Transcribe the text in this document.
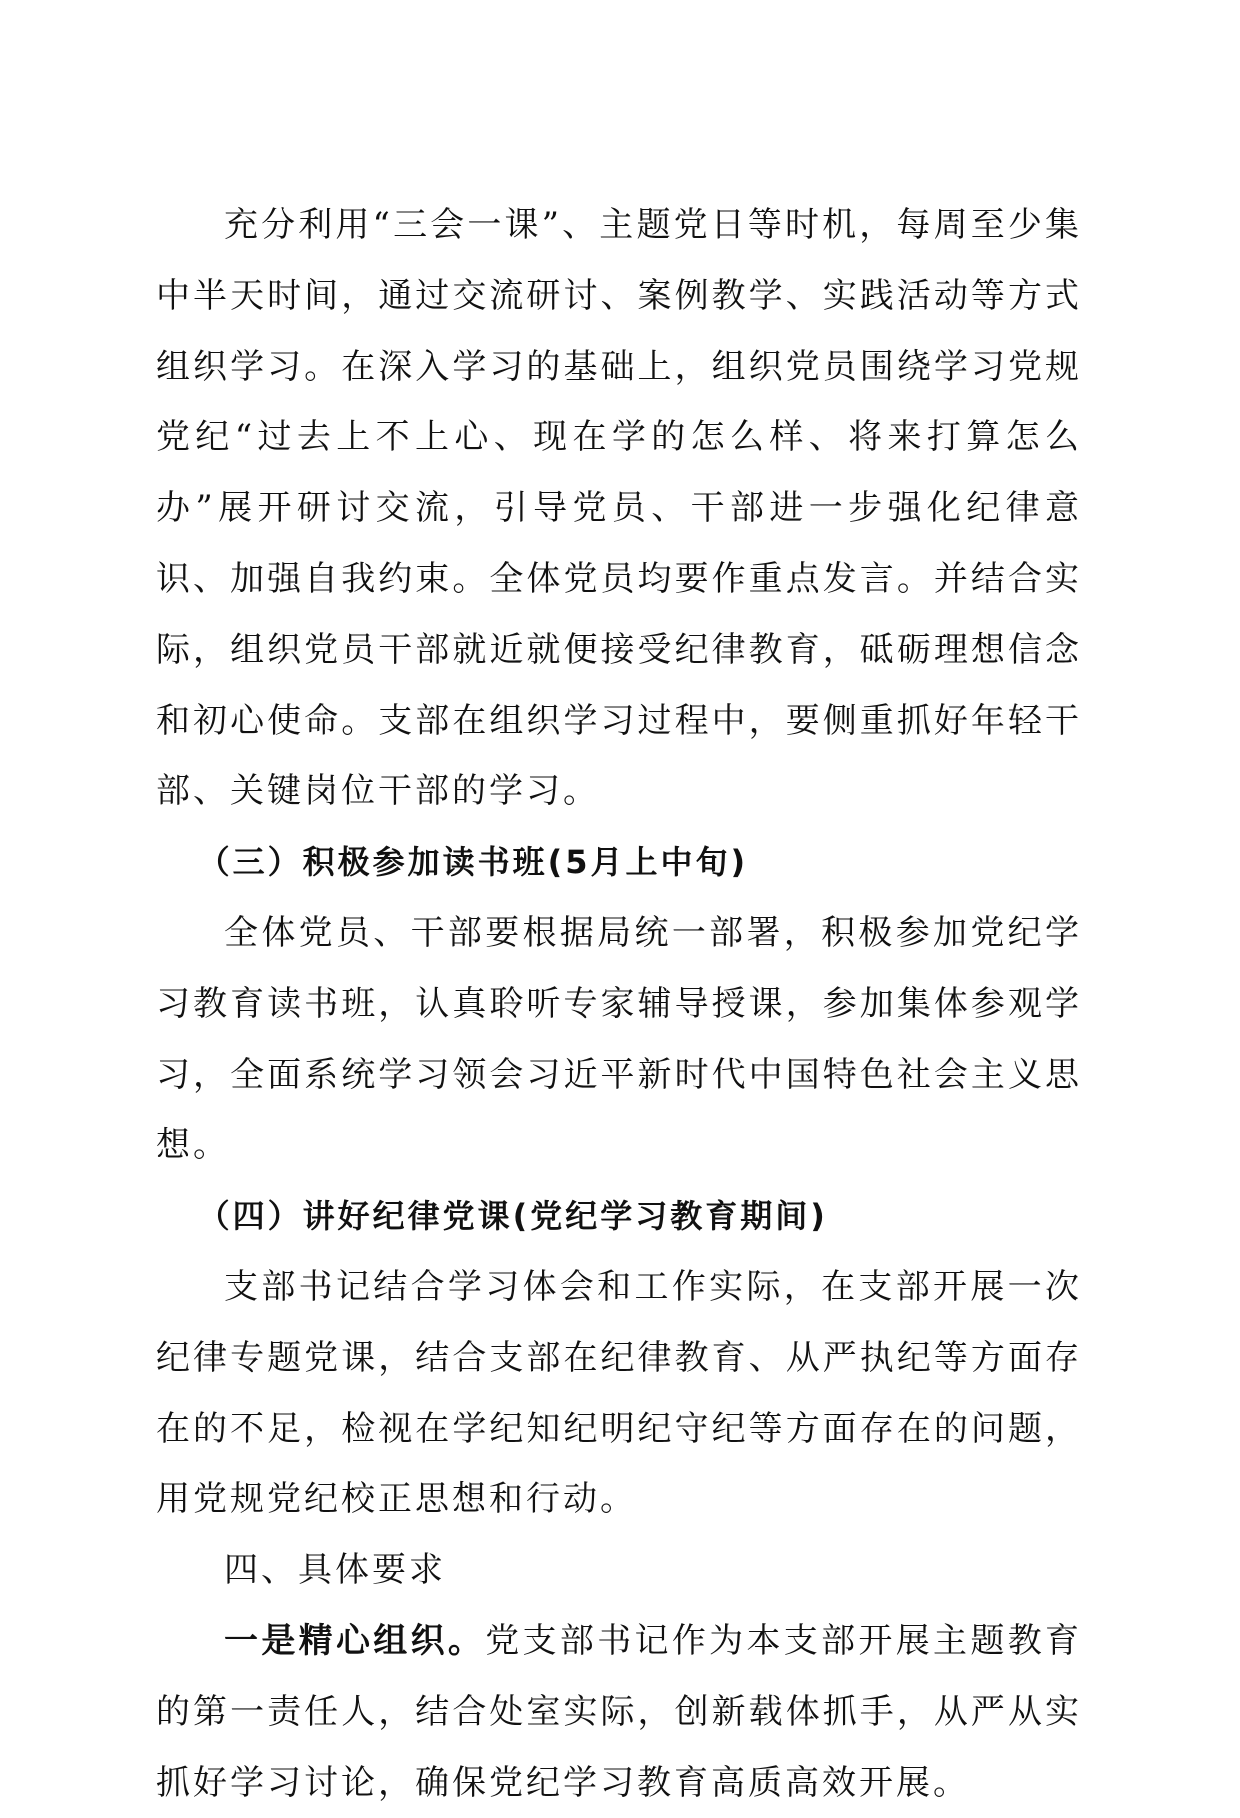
充分利用“三会一课”、主题党日等时机，每周至少集中半天时间，通过交流研讨、案例教学、实践活动等方式组织学习。在深入学习的基础上，组织党员围绕学习党规党纪“过去上不上心、现在学的怎么样、将来打算怎么办”展开研讨交流，引导党员、干部进一步强化纪律意识、加强自我约束。全体党员均要作重点发言。并结合实际，组织党员干部就近就便接受纪律教育，砥砺理想信念和初心使命。支部在组织学习过程中，要侧重抓好年轻干部、关键岗位干部的学习。

（三）积极参加读书班(5月上中旬)

全体党员、干部要根据局统一部署，积极参加党纪学习教育读书班，认真聆听专家辅导授课，参加集体参观学习，全面系统学习领会习近平新时代中国特色社会主义思想。

（四）讲好纪律党课(党纪学习教育期间)

支部书记结合学习体会和工作实际，在支部开展一次纪律专题党课，结合支部在纪律教育、从严执纪等方面存在的不足，检视在学纪知纪明纪守纪等方面存在的问题，用党规党纪校正思想和行动。

四、具体要求

一是精心组织。党支部书记作为本支部开展主题教育的第一责任人，结合处室实际，创新载体抓手，从严从实抓好学习讨论，确保党纪学习教育高质高效开展。
